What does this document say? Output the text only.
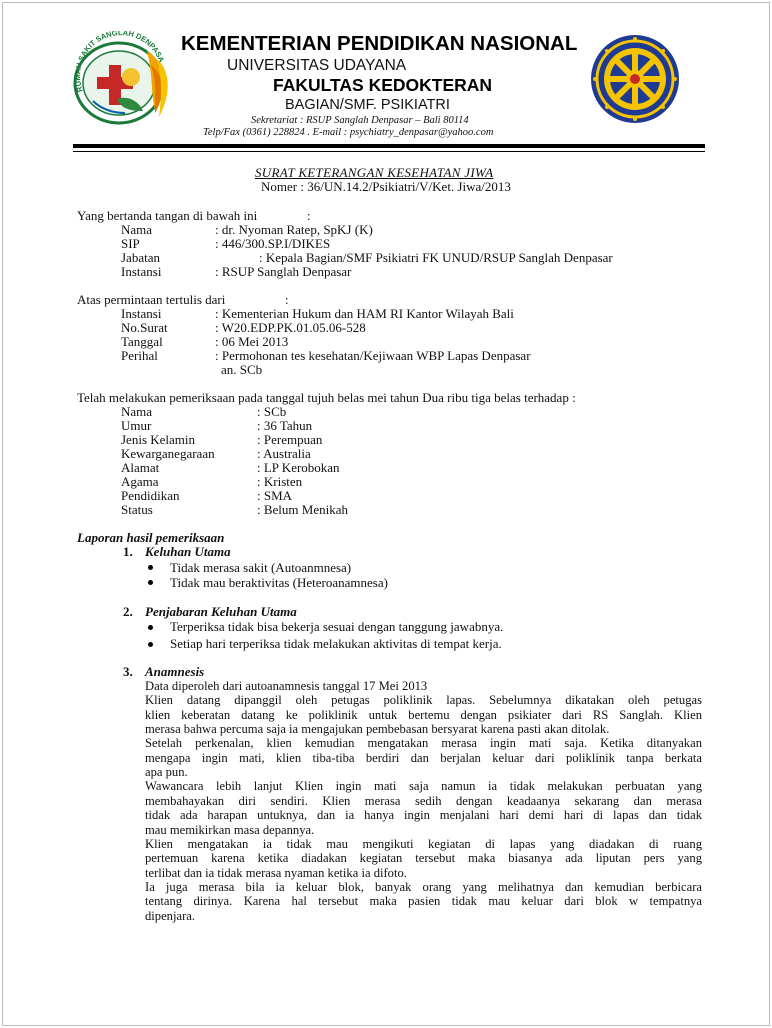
RUMAH SAKIT SANGLAH DENPASA
KEMENTERIAN PENDIDIKAN NASIONAL
UNIVERSITAS UDAYANA
FAKULTAS KEDOKTERAN
BAGIAN/SMF. PSIKIATRI
Sekretariat : RSUP Sanglah Denpasar – Bali 80114
Telp/Fax (0361) 228824 . E-mail : psychiatry_denpasar@yahoo.com
SURAT KETERANGAN KESEHATAN JIWA
Nomer : 36/UN.14.2/Psikiatri/V/Ket. Jiwa/2013
Yang bertanda tangan di bawah ini	:
Nama	: dr. Nyoman Ratep, SpKJ (K)
SIP	: 446/300.SP.I/DIKES
Jabatan	: Kepala Bagian/SMF Psikiatri FK UNUD/RSUP Sanglah Denpasar
Instansi	: RSUP Sanglah Denpasar
Atas permintaan tertulis dari	:
Instansi	: Kementerian Hukum dan HAM RI Kantor Wilayah Bali
No.Surat	: W20.EDP.PK.01.05.06-528
Tanggal	: 06 Mei 2013
Perihal	: Permohonan tes kesehatan/Kejiwaan WBP Lapas Denpasar
an. SCb
Telah melakukan pemeriksaan pada tanggal tujuh belas mei tahun Dua ribu tiga belas terhadap :
Nama	: SCb
Umur	: 36 Tahun
Jenis Kelamin	: Perempuan
Kewarganegaraan	: Australia
Alamat	: LP Kerobokan
Agama	: Kristen
Pendidikan	: SMA
Status	: Belum Menikah
Laporan hasil pemeriksaan
1. Keluhan Utama
Tidak merasa sakit (Autoanmnesa)
Tidak mau beraktivitas (Heteroanamnesa)
2. Penjabaran Keluhan Utama
Terperiksa tidak bisa bekerja sesuai dengan tanggung jawabnya.
Setiap hari terperiksa tidak melakukan aktivitas di tempat kerja.
3. Anamnesis
Data diperoleh dari autoanamnesis tanggal 17 Mei 2013
Klien datang dipanggil oleh petugas poliklinik lapas. Sebelumnya dikatakan oleh petugas
klien keberatan datang ke poliklinik untuk bertemu dengan psikiater dari RS Sanglah. Klien
merasa bahwa percuma saja ia mengajukan pembebasan bersyarat karena pasti akan ditolak.
Setelah perkenalan, klien kemudian mengatakan merasa ingin mati saja. Ketika ditanyakan
mengapa ingin mati, klien tiba-tiba berdiri dan berjalan keluar dari poliklinik tanpa berkata
apa pun.
Wawancara lebih lanjut Klien ingin mati saja namun ia tidak melakukan perbuatan yang
membahayakan diri sendiri. Klien merasa sedih dengan keadaanya sekarang dan merasa
tidak ada harapan untuknya, dan ia hanya ingin menjalani hari demi hari di lapas dan tidak
mau memikirkan masa depannya.
Klien mengatakan ia tidak mau mengikuti kegiatan di lapas yang diadakan di ruang
pertemuan karena ketika diadakan kegiatan tersebut maka biasanya ada liputan pers yang
terlibat dan ia tidak merasa nyaman ketika ia difoto.
Ia juga merasa bila ia keluar blok, banyak orang yang melihatnya dan kemudian berbicara
tentang dirinya. Karena hal tersebut maka pasien tidak mau keluar dari blok w tempatnya
dipenjara.
